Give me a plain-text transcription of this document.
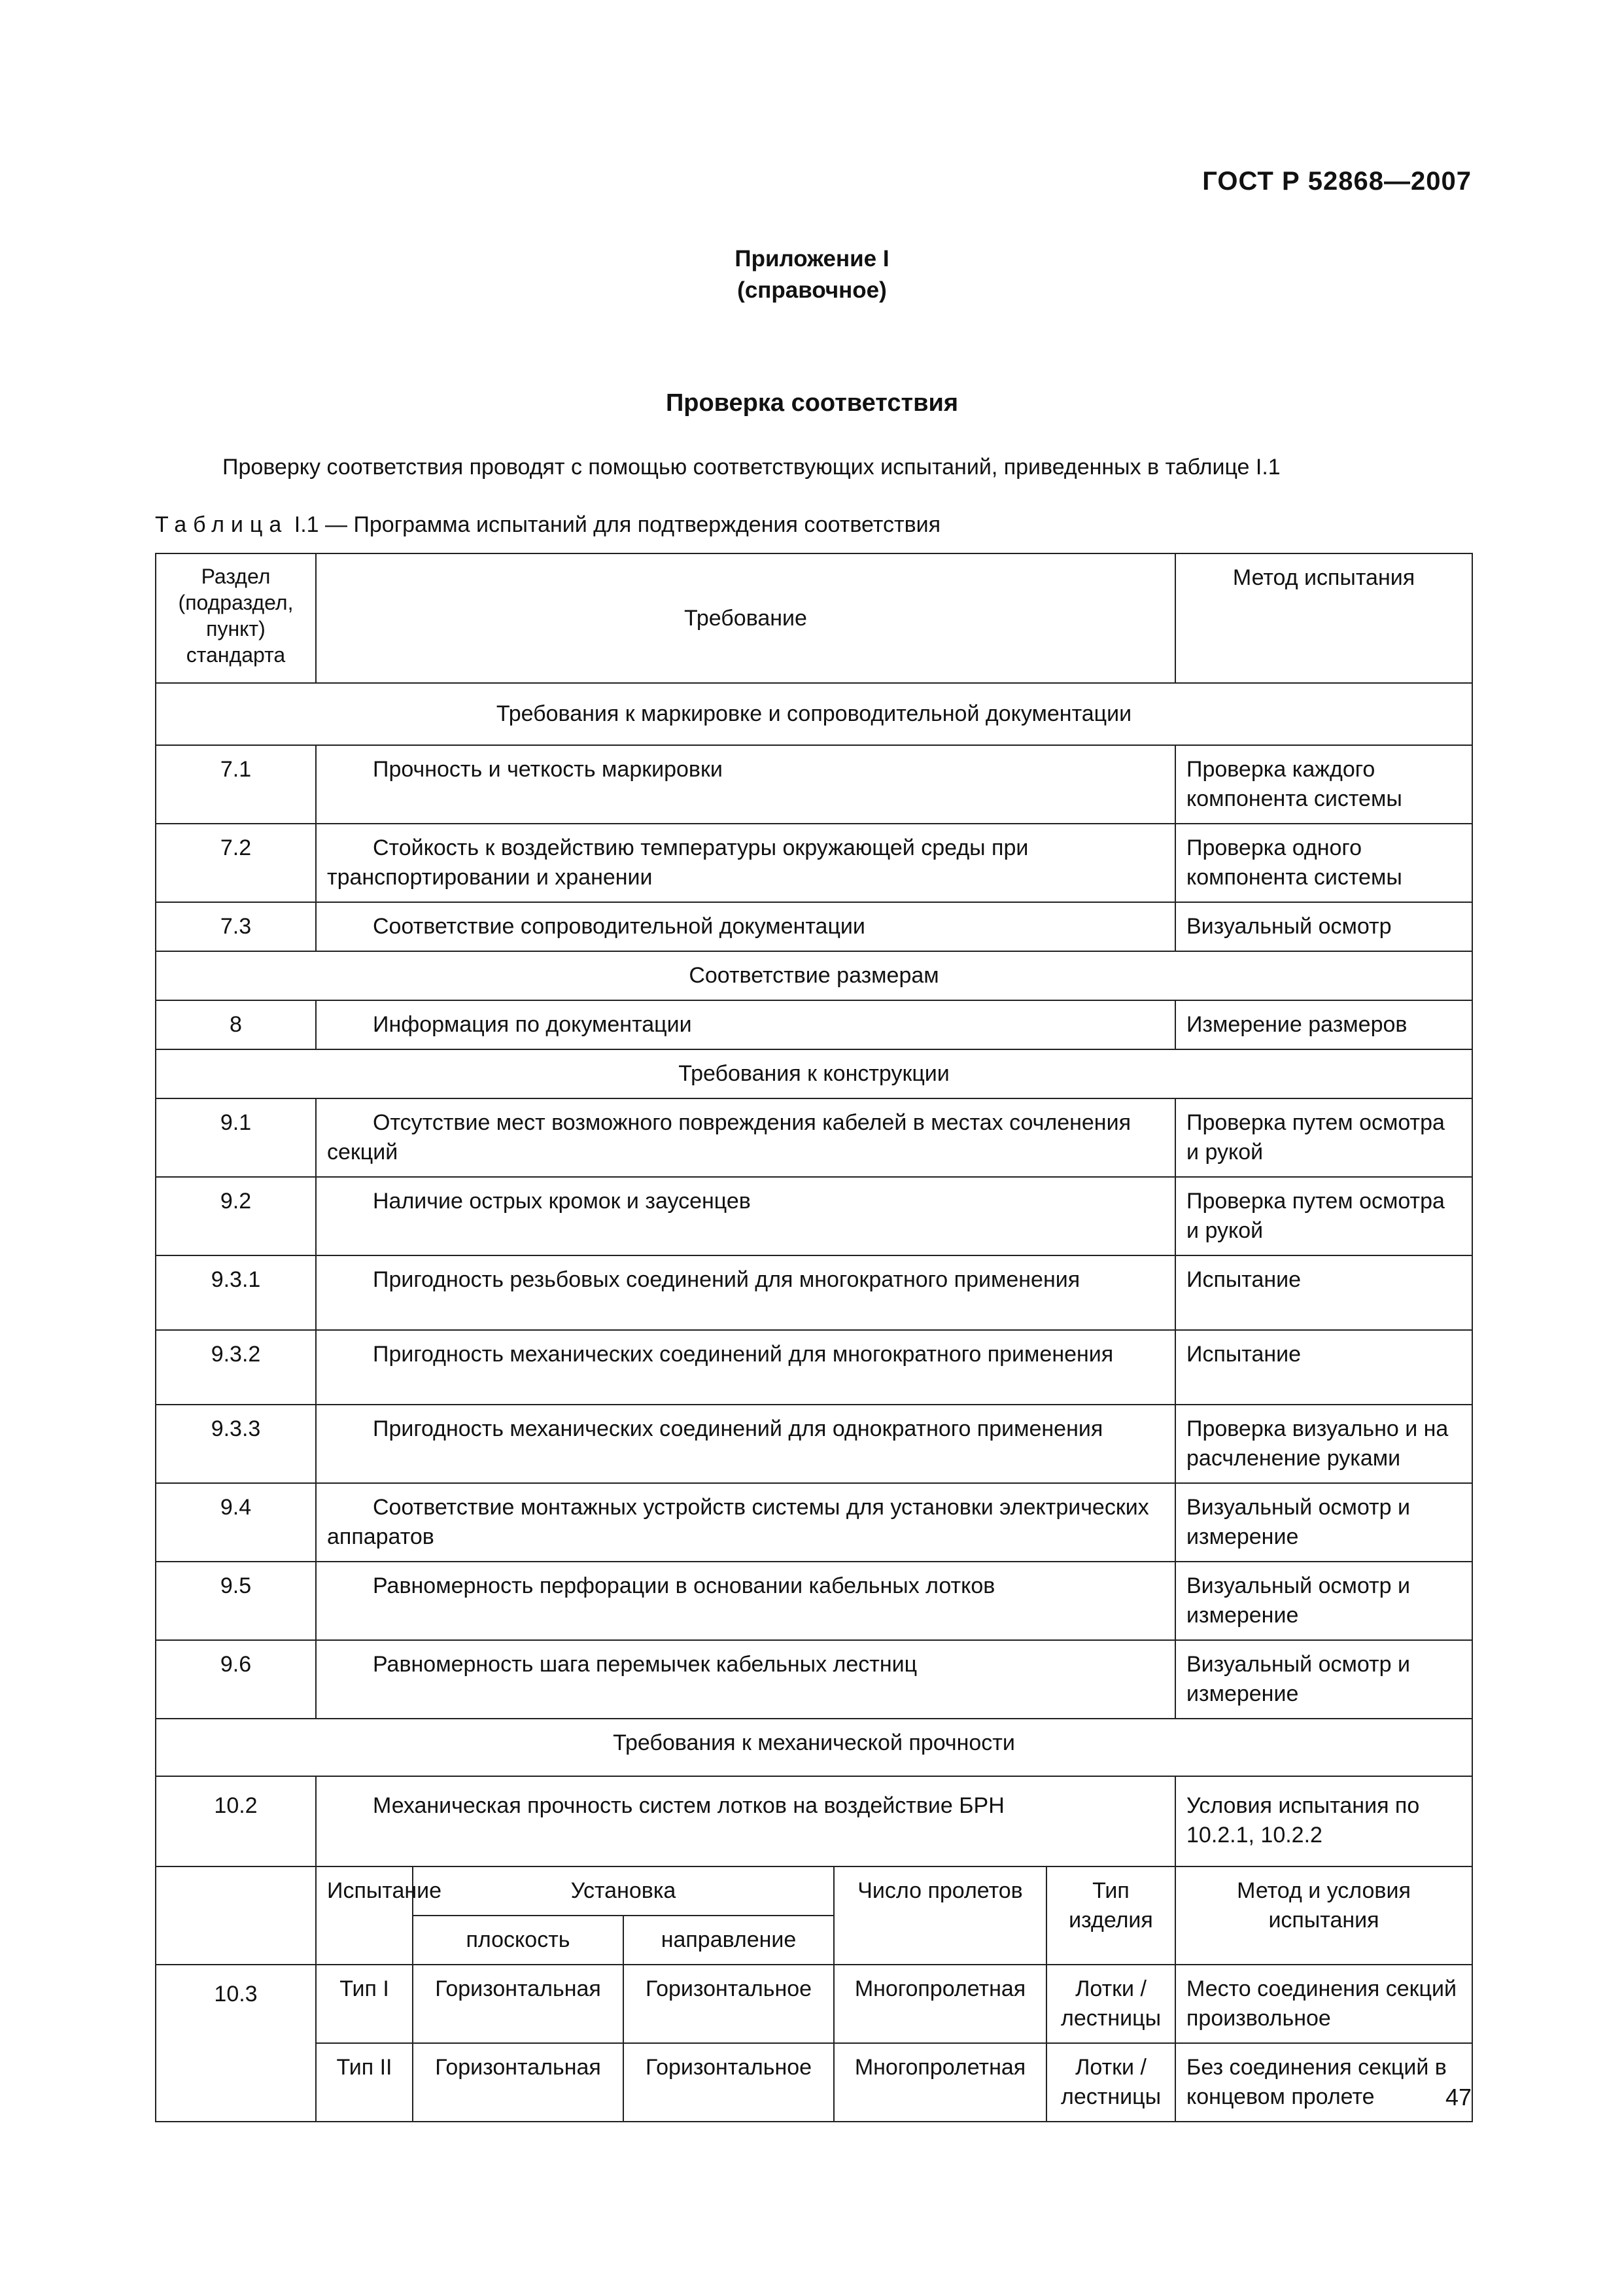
ГОСТ Р 52868—2007
Приложение I
(справочное)
Проверка соответствия
Проверку соответствия проводят с помощью соответствующих испытаний, приведенных в таблице I.1
Таблица I.1 — Программа испытаний для подтверждения соответствия
Раздел (подраздел, пункт) стандарта	Требование					Метод испытания
Требования к маркировке и сопроводительной документации						
7.1	Прочность и четкость маркировки					Проверка каждого компонента системы
7.2	Стойкость к воздействию температуры окружающей среды при транспортировании и хранении					Проверка одного компонента системы
7.3	Соответствие сопроводительной документации					Визуальный осмотр
Соответствие размерам						
8	Информация по документации					Измерение размеров
Требования к конструкции						
9.1	Отсутствие мест возможного повреждения кабелей в местах сочленения секций					Проверка путем осмотра и рукой
9.2	Наличие острых кромок и заусенцев					Проверка путем осмотра и рукой
9.3.1	Пригодность резьбовых соединений для многократного применения					Испытание
9.3.2	Пригодность механических соединений для многократного применения					Испытание
9.3.3	Пригодность механических соединений для однократного применения					Проверка визуально и на расчленение руками
9.4	Соответствие монтажных устройств системы для установки электрических аппаратов					Визуальный осмотр и измерение
9.5	Равномерность перфорации в основании кабельных лотков					Визуальный осмотр и измерение
9.6	Равномерность шага перемычек кабельных лестниц					Визуальный осмотр и измерение
Требования к механической прочности						
10.2	Механическая прочность систем лотков на воздействие БРН					Условия испытания по 10.2.1, 10.2.2
	Испытание	Установка		Число пролетов	Тип изделия	Метод и условия испытания
		плоскость	направление			
10.3	Тип I	Горизонтальная	Горизонтальное	Многопролетная	Лотки / лестницы	Место соединения секций произвольное
	Тип II	Горизонтальная	Горизонтальное	Многопролетная	Лотки / лестницы	Без соединения секций в концевом пролете	47
